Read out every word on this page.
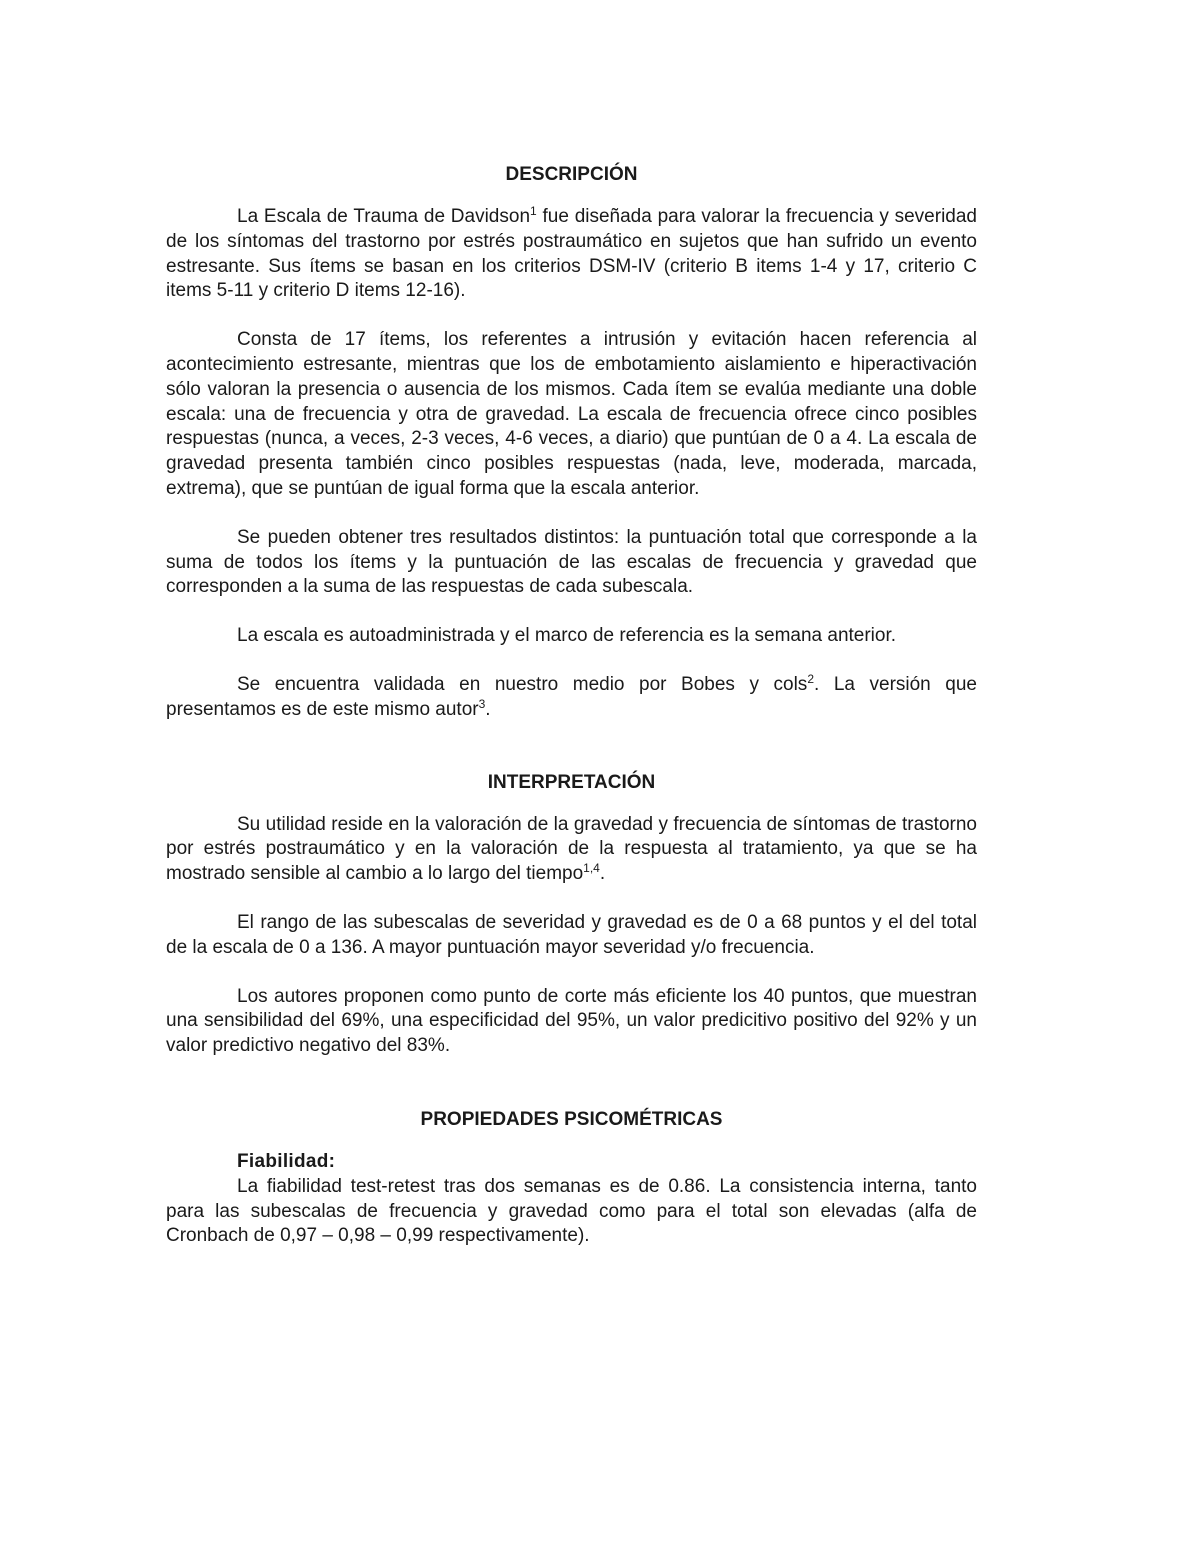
DESCRIPCIÓN

La Escala de Trauma de Davidson$^1$ fue diseñada para valorar la frecuencia y severidad de los síntomas del trastorno por estrés postraumático en sujetos que han sufrido un evento estresante. Sus ítems se basan en los criterios DSM-IV (criterio B items 1-4 y 17, criterio C items 5-11 y criterio D items 12-16).

Consta de 17 ítems, los referentes a intrusión y evitación hacen referencia al acontecimiento estresante, mientras que los de embotamiento aislamiento e hiperactivación sólo valoran la presencia o ausencia de los mismos. Cada ítem se evalúa mediante una doble escala: una de frecuencia y otra de gravedad. La escala de frecuencia ofrece cinco posibles respuestas (nunca, a veces, 2-3 veces, 4-6 veces, a diario) que puntúan de 0 a 4. La escala de gravedad presenta también cinco posibles respuestas (nada, leve, moderada, marcada, extrema), que se puntúan de igual forma que la escala anterior.

Se pueden obtener tres resultados distintos: la puntuación total que corresponde a la suma de todos los ítems y la puntuación de las escalas de frecuencia y gravedad que corresponden a la suma de las respuestas de cada subescala.

La escala es autoadministrada y el marco de referencia es la semana anterior.

Se encuentra validada en nuestro medio por Bobes y cols$^2$. La versión que presentamos es de este mismo autor$^3$.

INTERPRETACIÓN

Su utilidad reside en la valoración de la gravedad y frecuencia de síntomas de trastorno por estrés postraumático y en la valoración de la respuesta al tratamiento, ya que se ha mostrado sensible al cambio a lo largo del tiempo$^{1,4}$.

El rango de las subescalas de severidad y gravedad es de 0 a 68 puntos y el del total de la escala de 0 a 136. A mayor puntuación mayor severidad y/o frecuencia.

Los autores proponen como punto de corte más eficiente los 40 puntos, que muestran una sensibilidad del 69%, una especificidad del 95%, un valor predicitivo positivo del 92% y un valor predictivo negativo del 83%.

PROPIEDADES PSICOMÉTRICAS

Fiabilidad:

La fiabilidad test-retest tras dos semanas es de 0.86. La consistencia interna, tanto para las subescalas de frecuencia y gravedad como para el total son elevadas (alfa de Cronbach de 0,97 – 0,98 – 0,99 respectivamente).
